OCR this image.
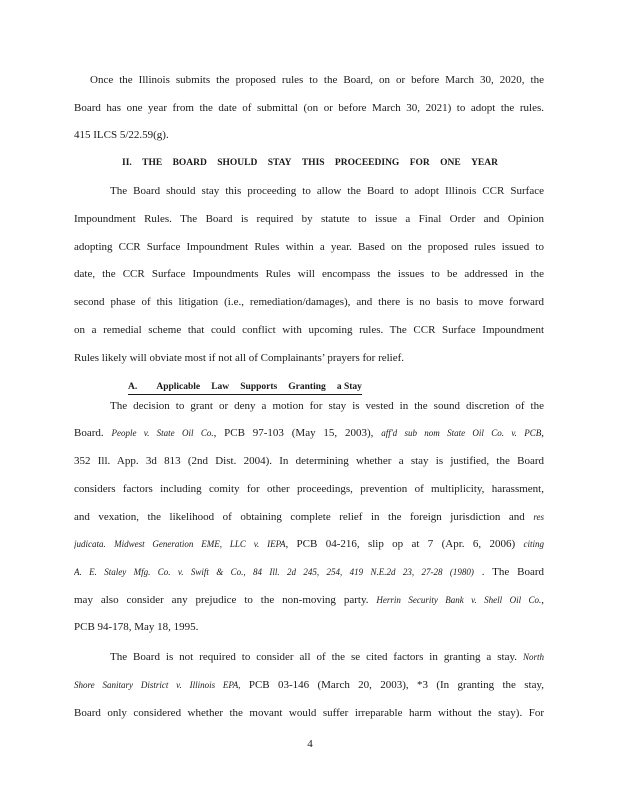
Once the Illinois submits the proposed rules to the Board, on or before March 30, 2020, the
Board has one year from the date of submittal (on or before March 30, 2021) to adopt the rules.
415 ILCS 5/22.59(g).
II. THE BOARD SHOULD STAY THIS PROCEEDING FOR ONE YEAR
The Board should stay this proceeding to allow the Board to adopt Illinois CCR Surface
Impoundment Rules. The Board is required by statute to issue a Final Order and Opinion
adopting CCR Surface Impoundment Rules within a year. Based on the proposed rules issued to
date, the CCR Surface Impoundments Rules will encompass the issues to be addressed in the
second phase of this litigation (i.e., remediation/damages), and there is no basis to move forward
on a remedial scheme that could conflict with upcoming rules. The CCR Surface Impoundment
Rules likely will obviate most if not all of Complainants’ prayers for relief.
A.	Applicable Law Supports Granting a Stay
The decision to grant or deny a motion for stay is vested in the sound discretion of the
Board. People v. State Oil Co., PCB 97-103 (May 15, 2003), aff'd sub nom State Oil Co. v. PCB,
352 Ill. App. 3d 813 (2nd Dist. 2004). In determining whether a stay is justified, the Board
considers factors including comity for other proceedings, prevention of multiplicity, harassment,
and vexation, the likelihood of obtaining complete relief in the foreign jurisdiction and res
judicata. Midwest Generation EME, LLC v. IEPA, PCB 04-216, slip op at 7 (Apr. 6, 2006) citing
A. E. Staley Mfg. Co. v. Swift & Co., 84 Ill. 2d 245, 254, 419 N.E.2d 23, 27-28 (1980) . The Board
may also consider any prejudice to the non-moving party. Herrin Security Bank v. Shell Oil Co.,
PCB 94-178, May 18, 1995.
The Board is not required to consider all of the se cited factors in granting a stay. North
Shore Sanitary District v. Illinois EPA, PCB 03-146 (March 20, 2003), *3 (In granting the stay,
Board only considered whether the movant would suffer irreparable harm without the stay). For
4
